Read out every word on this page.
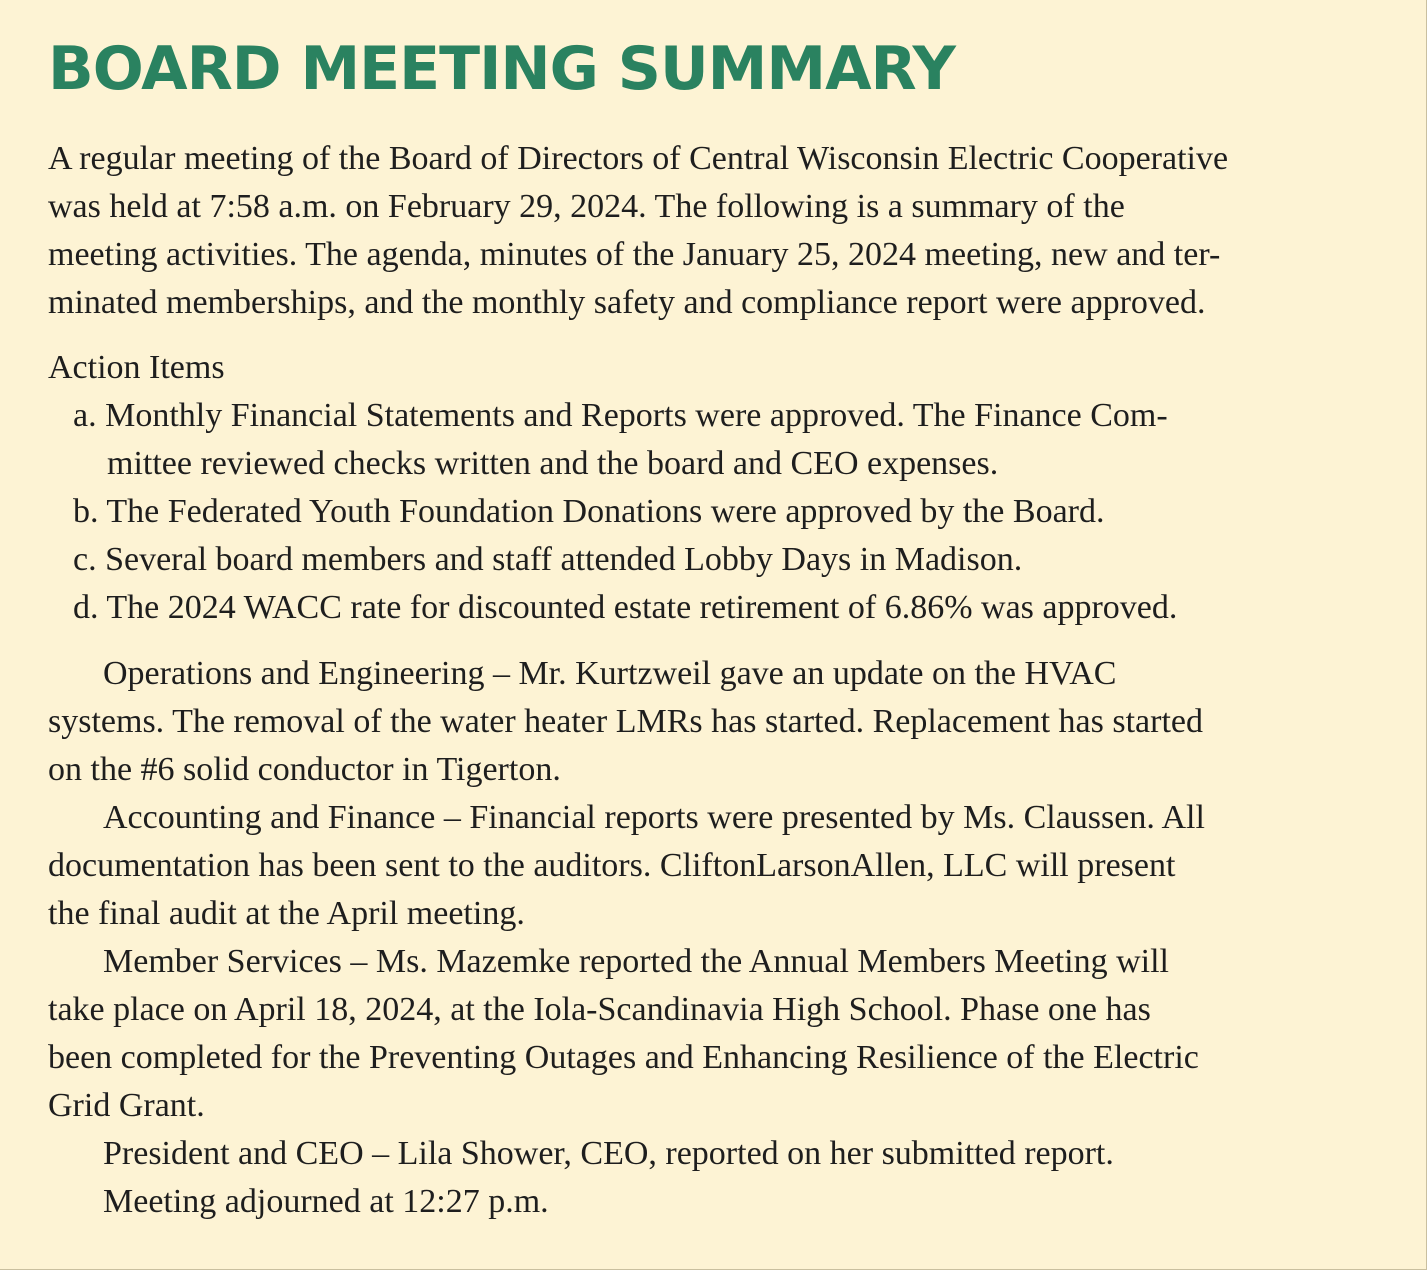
BOARD MEETING SUMMARY
A regular meeting of the Board of Directors of Central Wisconsin Electric Cooperative
was held at 7:58 a.m. on February 29, 2024. The following is a summary of the
meeting activities. The agenda, minutes of the January 25, 2024 meeting, new and ter-
minated memberships, and the monthly safety and compliance report were approved.
Action Items
a. Monthly Financial Statements and Reports were approved. The Finance Com-
mittee reviewed checks written and the board and CEO expenses.
b. The Federated Youth Foundation Donations were approved by the Board.
c. Several board members and staff attended Lobby Days in Madison.
d. The 2024 WACC rate for discounted estate retirement of 6.86% was approved.
Operations and Engineering – Mr. Kurtzweil gave an update on the HVAC
systems. The removal of the water heater LMRs has started. Replacement has started
on the #6 solid conductor in Tigerton.
Accounting and Finance – Financial reports were presented by Ms. Claussen. All
documentation has been sent to the auditors. CliftonLarsonAllen, LLC will present
the final audit at the April meeting.
Member Services – Ms. Mazemke reported the Annual Members Meeting will
take place on April 18, 2024, at the Iola-Scandinavia High School. Phase one has
been completed for the Preventing Outages and Enhancing Resilience of the Electric
Grid Grant.
President and CEO – Lila Shower, CEO, reported on her submitted report.
Meeting adjourned at 12:27 p.m.
